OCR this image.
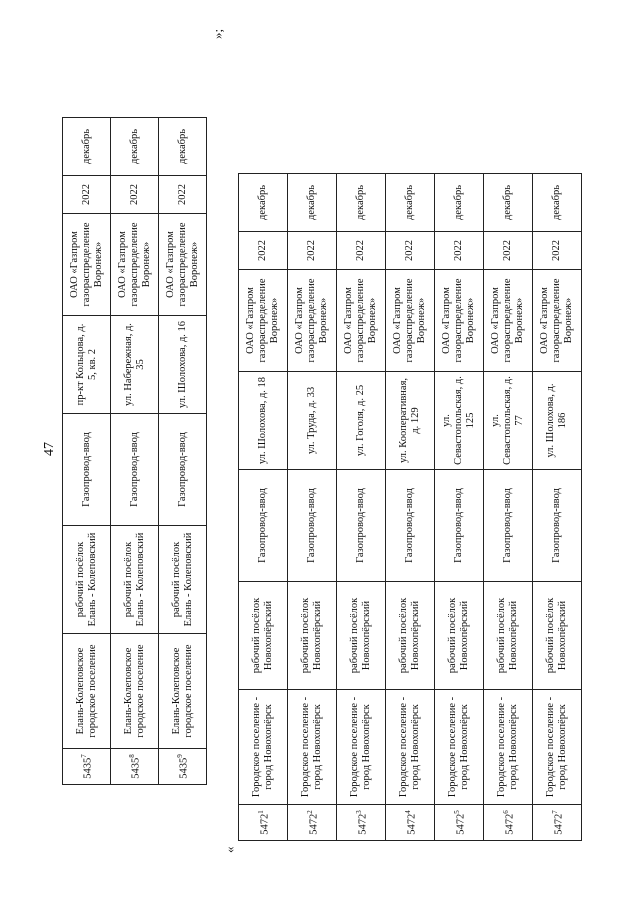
47
5435$^7$	Елань-Колеповское городское поселение	рабочий посёлок Елань - Колеповский	Газопровод-ввод	пр-кт Кольцова, д. 5, кв. 2	ОАО «Газпром газораспределение Воронеж»	2022	декабрь
5435$^8$	Елань-Колеповское городское поселение	рабочий посёлок Елань - Колеповский	Газопровод-ввод	ул. Набережная, д. 35	ОАО «Газпром газораспределение Воронеж»	2022	декабрь
5435$^9$	Елань-Колеповское городское поселение	рабочий посёлок Елань - Колеповский	Газопровод-ввод	ул. Шолохова, д. 16	ОАО «Газпром газораспределение Воронеж»	2022	декабрь
«
5472$^1$	Городское поселение - город Новохопёрск	рабочий посёлок Новохопёрский	Газопровод-ввод	ул. Шолохова, д. 18	ОАО «Газпром газораспределение Воронеж»	2022	декабрь
5472$^2$	Городское поселение - город Новохопёрск	рабочий посёлок Новохопёрский	Газопровод-ввод	ул. Труда, д. 33	ОАО «Газпром газораспределение Воронеж»	2022	декабрь
5472$^3$	Городское поселение - город Новохопёрск	рабочий посёлок Новохопёрский	Газопровод-ввод	ул. Гоголя, д. 25	ОАО «Газпром газораспределение Воронеж»	2022	декабрь
5472$^4$	Городское поселение - город Новохопёрск	рабочий посёлок Новохопёрский	Газопровод-ввод	ул. Кооперативная, д. 129	ОАО «Газпром газораспределение Воронеж»	2022	декабрь
5472$^5$	Городское поселение - город Новохопёрск	рабочий посёлок Новохопёрский	Газопровод-ввод	ул. Севастопольская, д. 125	ОАО «Газпром газораспределение Воронеж»	2022	декабрь
5472$^6$	Городское поселение - город Новохопёрск	рабочий посёлок Новохопёрский	Газопровод-ввод	ул. Севастопольская, д. 77	ОАО «Газпром газораспределение Воронеж»	2022	декабрь
5472$^7$	Городское поселение - город Новохопёрск	рабочий посёлок Новохопёрский	Газопровод-ввод	ул. Шолохова, д. 186	ОАО «Газпром газораспределение Воронеж»	2022	декабрь
»;
